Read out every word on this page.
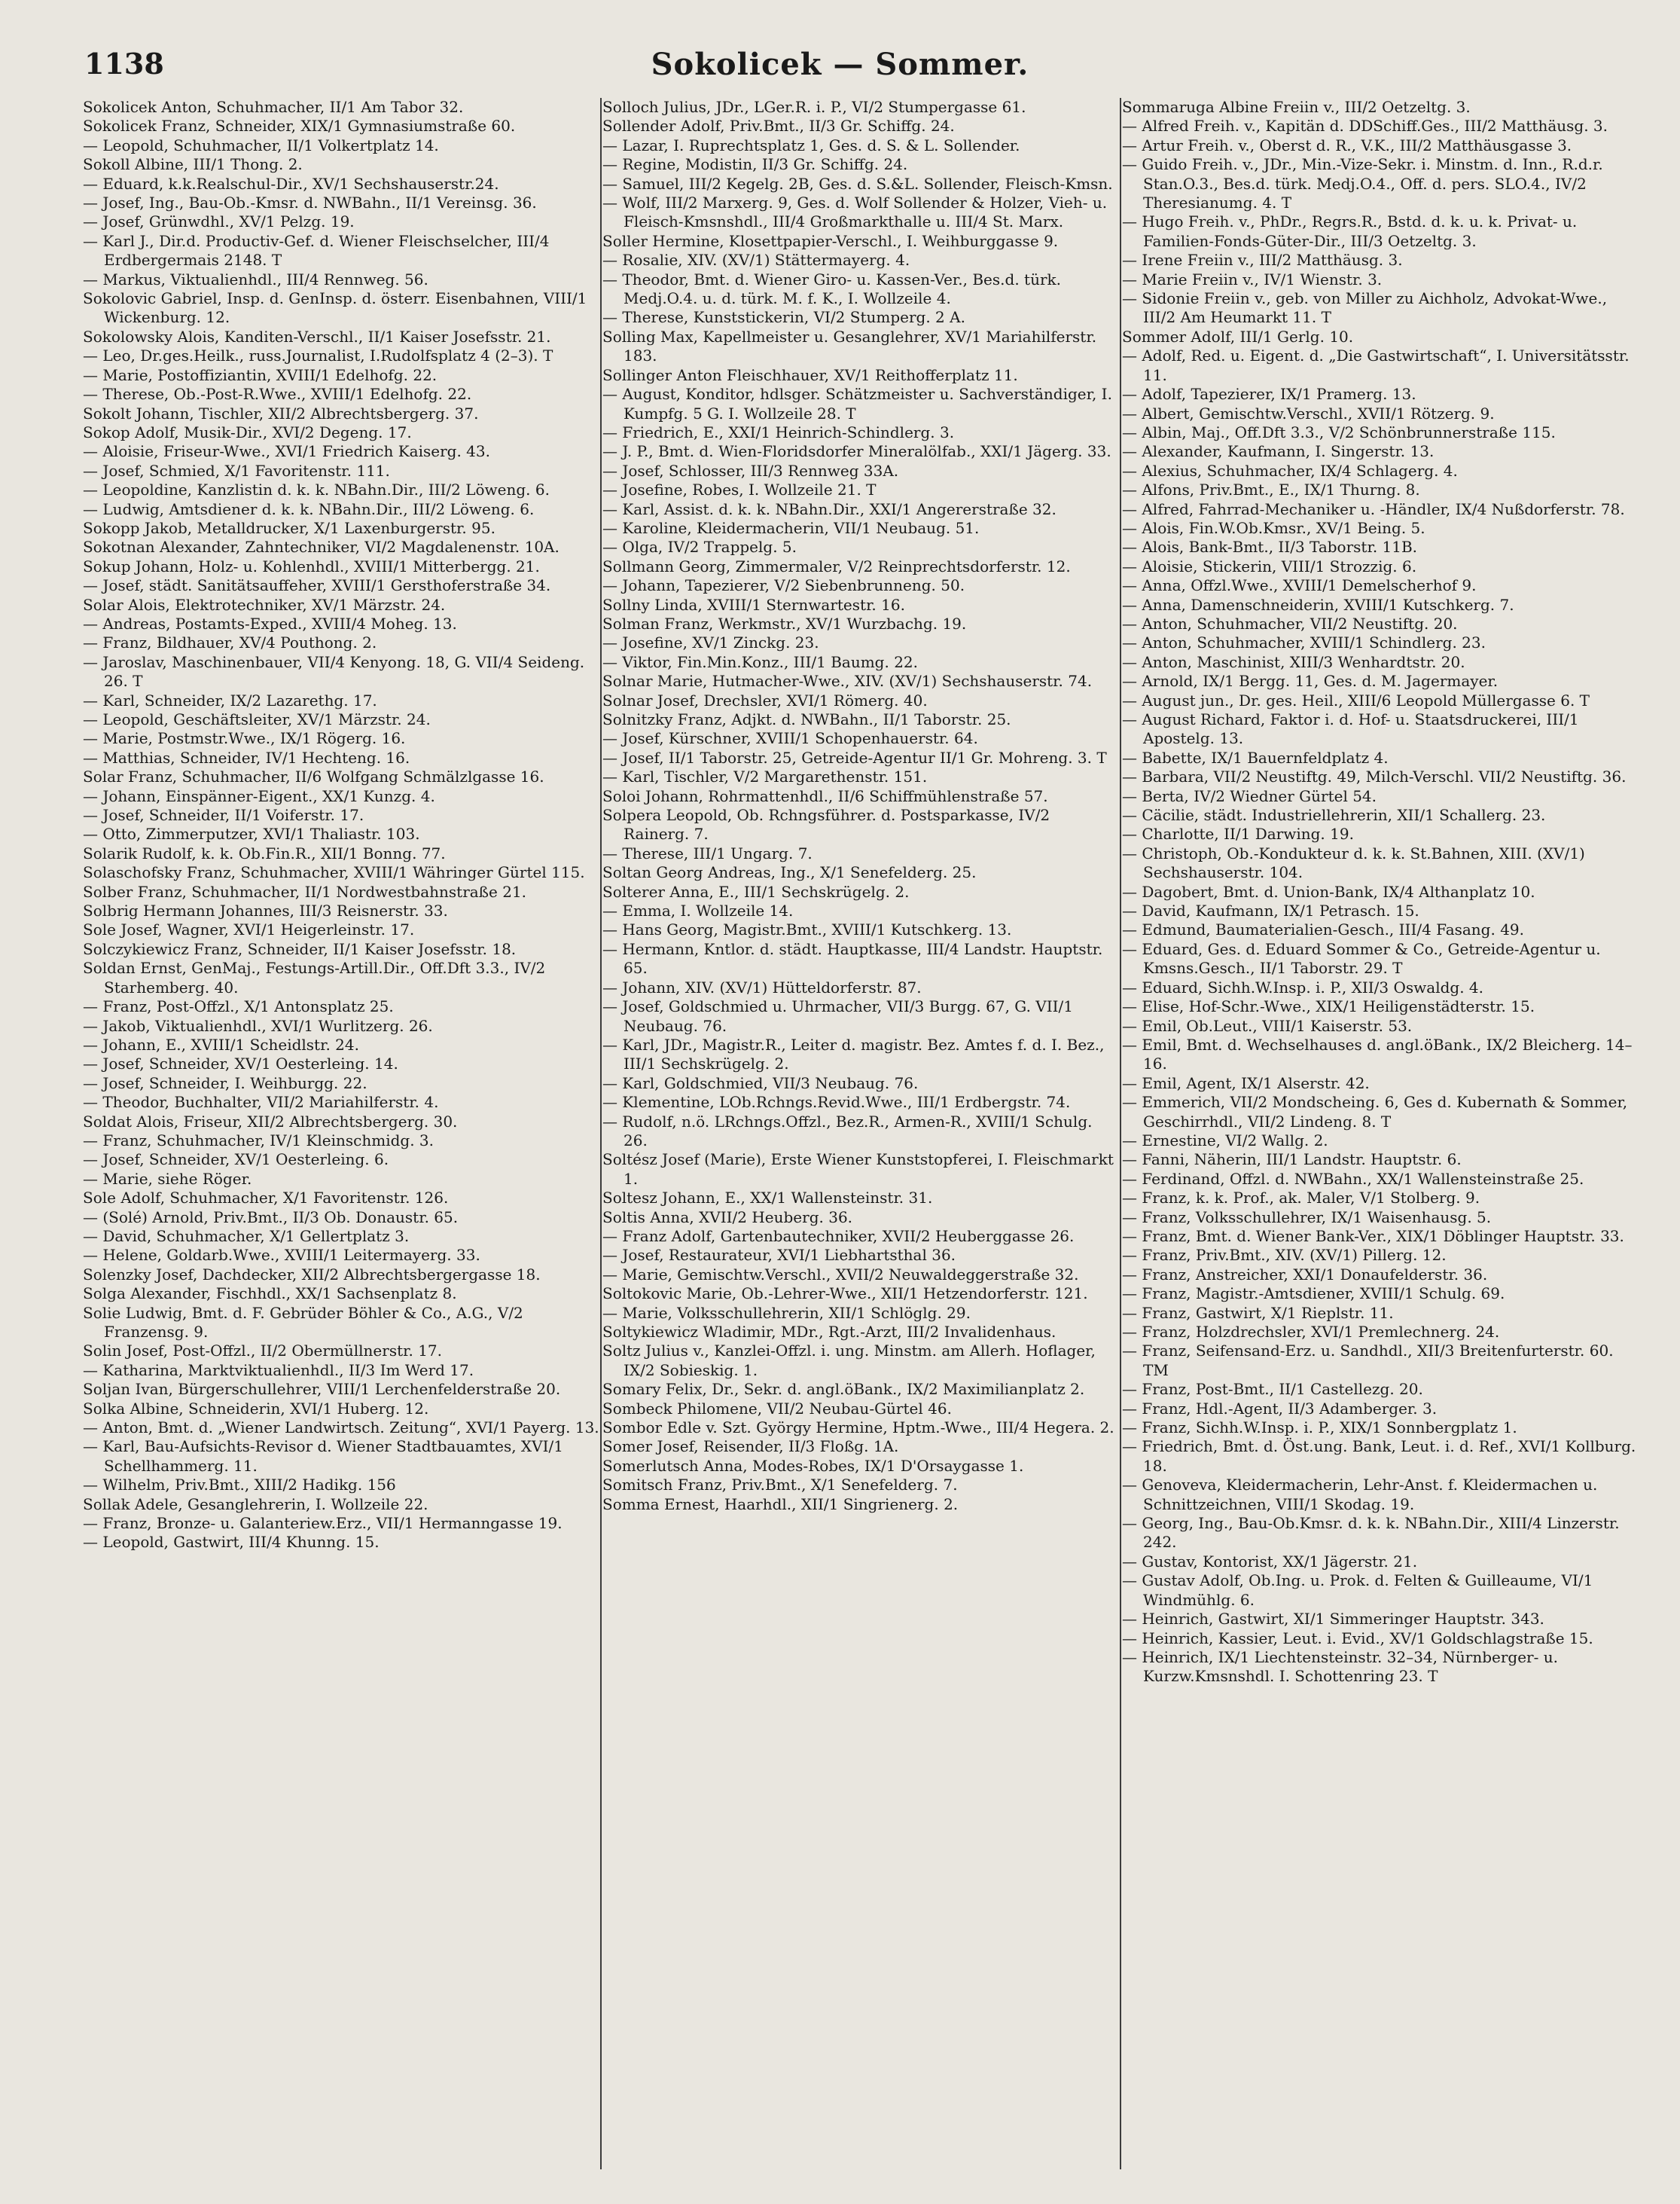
1138	Sokolicek — Sommer.
Sokolicek Anton, Schuhmacher, II/1 Am Tabor 32.
Sokolicek Franz, Schneider, XIX/1 Gymnasiumstraße 60.
— Leopold, Schuhmacher, II/1 Volkertplatz 14.
Sokoll Albine, III/1 Thong. 2.
— Eduard, k.k.Realschul-Dir., XV/1 Sechshauserstr.24.
— Josef, Ing., Bau-Ob.-Kmsr. d. NWBahn., II/1 Vereinsg. 36.
— Josef, Grünwdhl., XV/1 Pelzg. 19.
— Karl J., Dir.d. Productiv-Gef. d. Wiener Fleischselcher, III/4 Erdbergermais 2148. T
— Markus, Viktualienhdl., III/4 Rennweg. 56.
Sokolovic Gabriel, Insp. d. GenInsp. d. österr. Eisenbahnen, VIII/1 Wickenburg. 12.
Sokolowsky Alois, Kanditen-Verschl., II/1 Kaiser Josefsstr. 21.
— Leo, Dr.ges.Heilk., russ.Journalist, I.Rudolfsplatz 4 (2–3). T
— Marie, Postoffiziantin, XVIII/1 Edelhofg. 22.
— Therese, Ob.-Post-R.Wwe., XVIII/1 Edelhofg. 22.
Sokolt Johann, Tischler, XII/2 Albrechtsbergerg. 37.
Sokop Adolf, Musik-Dir., XVI/2 Degeng. 17.
— Aloisie, Friseur-Wwe., XVI/1 Friedrich Kaiserg. 43.
— Josef, Schmied, X/1 Favoritenstr. 111.
— Leopoldine, Kanzlistin d. k. k. NBahn.Dir., III/2 Löweng. 6.
— Ludwig, Amtsdiener d. k. k. NBahn.Dir., III/2 Löweng. 6.
Sokopp Jakob, Metalldrucker, X/1 Laxenburgerstr. 95.
Sokotnan Alexander, Zahntechniker, VI/2 Magdalenenstr. 10A.
Sokup Johann, Holz- u. Kohlenhdl., XVIII/1 Mitterbergg. 21.
— Josef, städt. Sanitätsauffeher, XVIII/1 Gersthoferstraße 34.
Solar Alois, Elektrotechniker, XV/1 Märzstr. 24.
— Andreas, Postamts-Exped., XVIII/4 Moheg. 13.
— Franz, Bildhauer, XV/4 Pouthong. 2.
— Jaroslav, Maschinenbauer, VII/4 Kenyong. 18, G. VII/4 Seideng. 26. T
— Karl, Schneider, IX/2 Lazarethg. 17.
— Leopold, Geschäftsleiter, XV/1 Märzstr. 24.
— Marie, Postmstr.Wwe., IX/1 Rögerg. 16.
— Matthias, Schneider, IV/1 Hechteng. 16.
Solar Franz, Schuhmacher, II/6 Wolfgang Schmälzlgasse 16.
— Johann, Einspänner-Eigent., XX/1 Kunzg. 4.
— Josef, Schneider, II/1 Voiferstr. 17.
— Otto, Zimmerputzer, XVI/1 Thaliastr. 103.
Solarik Rudolf, k. k. Ob.Fin.R., XII/1 Bonng. 77.
Solaschofsky Franz, Schuhmacher, XVIII/1 Währinger Gürtel 115.
Solber Franz, Schuhmacher, II/1 Nordwestbahnstraße 21.
Solbrig Hermann Johannes, III/3 Reisnerstr. 33.
Sole Josef, Wagner, XVI/1 Heigerleinstr. 17.
Solczykiewicz Franz, Schneider, II/1 Kaiser Josefsstr. 18.
Soldan Ernst, GenMaj., Festungs-Artill.Dir., Off.Dft 3.3., IV/2 Starhemberg. 40.
— Franz, Post-Offzl., X/1 Antonsplatz 25.
— Jakob, Viktualienhdl., XVI/1 Wurlitzerg. 26.
— Johann, E., XVIII/1 Scheidlstr. 24.
— Josef, Schneider, XV/1 Oesterleing. 14.
— Josef, Schneider, I. Weihburgg. 22.
— Theodor, Buchhalter, VII/2 Mariahilferstr. 4.
Soldat Alois, Friseur, XII/2 Albrechtsbergerg. 30.
— Franz, Schuhmacher, IV/1 Kleinschmidg. 3.
— Josef, Schneider, XV/1 Oesterleing. 6.
— Marie, siehe Röger.
Sole Adolf, Schuhmacher, X/1 Favoritenstr. 126.
— (Solé) Arnold, Priv.Bmt., II/3 Ob. Donaustr. 65.
— David, Schuhmacher, X/1 Gellertplatz 3.
— Helene, Goldarb.Wwe., XVIII/1 Leitermayerg. 33.
Solenzky Josef, Dachdecker, XII/2 Albrechtsbergergasse 18.
Solga Alexander, Fischhdl., XX/1 Sachsenplatz 8.
Solie Ludwig, Bmt. d. F. Gebrüder Böhler & Co., A.G., V/2 Franzensg. 9.
Solin Josef, Post-Offzl., II/2 Obermüllnerstr. 17.
— Katharina, Marktviktualienhdl., II/3 Im Werd 17.
Soljan Ivan, Bürgerschullehrer, VIII/1 Lerchenfelderstraße 20.
Solka Albine, Schneiderin, XVI/1 Huberg. 12.
— Anton, Bmt. d. „Wiener Landwirtsch. Zeitung“, XVI/1 Payerg. 13.
— Karl, Bau-Aufsichts-Revisor d. Wiener Stadtbauamtes, XVI/1 Schellhammerg. 11.
— Wilhelm, Priv.Bmt., XIII/2 Hadikg. 156
Sollak Adele, Gesanglehrerin, I. Wollzeile 22.
— Franz, Bronze- u. Galanteriew.Erz., VII/1 Hermanngasse 19.
— Leopold, Gastwirt, III/4 Khunng. 15.
Solloch Julius, JDr., LGer.R. i. P., VI/2 Stumpergasse 61.
Sollender Adolf, Priv.Bmt., II/3 Gr. Schiffg. 24.
— Lazar, I. Ruprechtsplatz 1, Ges. d. S. & L. Sollender.
— Regine, Modistin, II/3 Gr. Schiffg. 24.
— Samuel, III/2 Kegelg. 2B, Ges. d. S.&L. Sollender, Fleisch-Kmsn.
— Wolf, III/2 Marxerg. 9, Ges. d. Wolf Sollender & Holzer, Vieh- u. Fleisch-Kmsnshdl., III/4 Großmarkthalle u. III/4 St. Marx.
Soller Hermine, Klosettpapier-Verschl., I. Weihburggasse 9.
— Rosalie, XIV. (XV/1) Stättermayerg. 4.
— Theodor, Bmt. d. Wiener Giro- u. Kassen-Ver., Bes.d. türk. Medj.O.4. u. d. türk. M. f. K., I. Wollzeile 4.
— Therese, Kunststickerin, VI/2 Stumperg. 2 A.
Solling Max, Kapellmeister u. Gesanglehrer, XV/1 Mariahilferstr. 183.
Sollinger Anton Fleischhauer, XV/1 Reithofferplatz 11.
— August, Konditor, hdlsger. Schätzmeister u. Sachverständiger, I. Kumpfg. 5 G. I. Wollzeile 28. T
— Friedrich, E., XXI/1 Heinrich-Schindlerg. 3.
— J. P., Bmt. d. Wien-Floridsdorfer Mineralölfab., XXI/1 Jägerg. 33.
— Josef, Schlosser, III/3 Rennweg 33A.
— Josefine, Robes, I. Wollzeile 21. T
— Karl, Assist. d. k. k. NBahn.Dir., XXI/1 Angererstraße 32.
— Karoline, Kleidermacherin, VII/1 Neubaug. 51.
— Olga, IV/2 Trappelg. 5.
Sollmann Georg, Zimmermaler, V/2 Reinprechtsdorferstr. 12.
— Johann, Tapezierer, V/2 Siebenbrunneng. 50.
Sollny Linda, XVIII/1 Sternwartestr. 16.
Solman Franz, Werkmstr., XV/1 Wurzbachg. 19.
— Josefine, XV/1 Zinckg. 23.
— Viktor, Fin.Min.Konz., III/1 Baumg. 22.
Solnar Marie, Hutmacher-Wwe., XIV. (XV/1) Sechshauserstr. 74.
Solnar Josef, Drechsler, XVI/1 Römerg. 40.
Solnitzky Franz, Adjkt. d. NWBahn., II/1 Taborstr. 25.
— Josef, Kürschner, XVIII/1 Schopenhauerstr. 64.
— Josef, II/1 Taborstr. 25, Getreide-Agentur II/1 Gr. Mohreng. 3. T
— Karl, Tischler, V/2 Margarethenstr. 151.
Soloi Johann, Rohrmattenhdl., II/6 Schiffmühlenstraße 57.
Solpera Leopold, Ob. Rchngsführer. d. Postsparkasse, IV/2 Rainerg. 7.
— Therese, III/1 Ungarg. 7.
Soltan Georg Andreas, Ing., X/1 Senefelderg. 25.
Solterer Anna, E., III/1 Sechskrügelg. 2.
— Emma, I. Wollzeile 14.
— Hans Georg, Magistr.Bmt., XVIII/1 Kutschkerg. 13.
— Hermann, Kntlor. d. städt. Hauptkasse, III/4 Landstr. Hauptstr. 65.
— Johann, XIV. (XV/1) Hütteldorferstr. 87.
— Josef, Goldschmied u. Uhrmacher, VII/3 Burgg. 67, G. VII/1 Neubaug. 76.
— Karl, JDr., Magistr.R., Leiter d. magistr. Bez. Amtes f. d. I. Bez., III/1 Sechskrügelg. 2.
— Karl, Goldschmied, VII/3 Neubaug. 76.
— Klementine, LOb.Rchngs.Revid.Wwe., III/1 Erdbergstr. 74.
— Rudolf, n.ö. LRchngs.Offzl., Bez.R., Armen-R., XVIII/1 Schulg. 26.
Soltész Josef (Marie), Erste Wiener Kunststopferei, I. Fleischmarkt 1.
Soltesz Johann, E., XX/1 Wallensteinstr. 31.
Soltis Anna, XVII/2 Heuberg. 36.
— Franz Adolf, Gartenbautechniker, XVII/2 Heuberggasse 26.
— Josef, Restaurateur, XVI/1 Liebhartsthal 36.
— Marie, Gemischtw.Verschl., XVII/2 Neuwaldeggerstraße 32.
Soltokovic Marie, Ob.-Lehrer-Wwe., XII/1 Hetzendorferstr. 121.
— Marie, Volksschullehrerin, XII/1 Schlöglg. 29.
Soltykiewicz Wladimir, MDr., Rgt.-Arzt, III/2 Invalidenhaus.
Soltz Julius v., Kanzlei-Offzl. i. ung. Minstm. am Allerh. Hoflager, IX/2 Sobieskig. 1.
Somary Felix, Dr., Sekr. d. angl.öBank., IX/2 Maximilianplatz 2.
Sombeck Philomene, VII/2 Neubau-Gürtel 46.
Sombor Edle v. Szt. György Hermine, Hptm.-Wwe., III/4 Hegera. 2.
Somer Josef, Reisender, II/3 Floßg. 1A.
Somerlutsch Anna, Modes-Robes, IX/1 D'Orsaygasse 1.
Somitsch Franz, Priv.Bmt., X/1 Senefelderg. 7.
Somma Ernest, Haarhdl., XII/1 Singrienerg. 2.
Sommaruga Albine Freiin v., III/2 Oetzeltg. 3.
— Alfred Freih. v., Kapitän d. DDSchiff.Ges., III/2 Matthäusg. 3.
— Artur Freih. v., Oberst d. R., V.K., III/2 Matthäusgasse 3.
— Guido Freih. v., JDr., Min.-Vize-Sekr. i. Minstm. d. Inn., R.d.r. Stan.O.3., Bes.d. türk. Medj.O.4., Off. d. pers. SLO.4., IV/2 Theresianumg. 4. T
— Hugo Freih. v., PhDr., Regrs.R., Bstd. d. k. u. k. Privat- u. Familien-Fonds-Güter-Dir., III/3 Oetzeltg. 3.
— Irene Freiin v., III/2 Matthäusg. 3.
— Marie Freiin v., IV/1 Wienstr. 3.
— Sidonie Freiin v., geb. von Miller zu Aichholz, Advokat-Wwe., III/2 Am Heumarkt 11. T
Sommer Adolf, III/1 Gerlg. 10.
— Adolf, Red. u. Eigent. d. „Die Gastwirtschaft“, I. Universitätsstr. 11.
— Adolf, Tapezierer, IX/1 Pramerg. 13.
— Albert, Gemischtw.Verschl., XVII/1 Rötzerg. 9.
— Albin, Maj., Off.Dft 3.3., V/2 Schönbrunnerstraße 115.
— Alexander, Kaufmann, I. Singerstr. 13.
— Alexius, Schuhmacher, IX/4 Schlagerg. 4.
— Alfons, Priv.Bmt., E., IX/1 Thurng. 8.
— Alfred, Fahrrad-Mechaniker u. -Händler, IX/4 Nußdorferstr. 78.
— Alois, Fin.W.Ob.Kmsr., XV/1 Being. 5.
— Alois, Bank-Bmt., II/3 Taborstr. 11B.
— Aloisie, Stickerin, VIII/1 Strozzig. 6.
— Anna, Offzl.Wwe., XVIII/1 Demelscherhof 9.
— Anna, Damenschneiderin, XVIII/1 Kutschkerg. 7.
— Anton, Schuhmacher, VII/2 Neustiftg. 20.
— Anton, Schuhmacher, XVIII/1 Schindlerg. 23.
— Anton, Maschinist, XIII/3 Wenhardtstr. 20.
— Arnold, IX/1 Bergg. 11, Ges. d. M. Jagermayer.
— August jun., Dr. ges. Heil., XIII/6 Leopold Müllergasse 6. T
— August Richard, Faktor i. d. Hof- u. Staatsdruckerei, III/1 Apostelg. 13.
— Babette, IX/1 Bauernfeldplatz 4.
— Barbara, VII/2 Neustiftg. 49, Milch-Verschl. VII/2 Neustiftg. 36.
— Berta, IV/2 Wiedner Gürtel 54.
— Cäcilie, städt. Industriellehrerin, XII/1 Schallerg. 23.
— Charlotte, II/1 Darwing. 19.
— Christoph, Ob.-Kondukteur d. k. k. St.Bahnen, XIII. (XV/1) Sechshauserstr. 104.
— Dagobert, Bmt. d. Union-Bank, IX/4 Althanplatz 10.
— David, Kaufmann, IX/1 Petrasch. 15.
— Edmund, Baumaterialien-Gesch., III/4 Fasang. 49.
— Eduard, Ges. d. Eduard Sommer & Co., Getreide-Agentur u. Kmsns.Gesch., II/1 Taborstr. 29. T
— Eduard, Sichh.W.Insp. i. P., XII/3 Oswaldg. 4.
— Elise, Hof-Schr.-Wwe., XIX/1 Heiligenstädterstr. 15.
— Emil, Ob.Leut., VIII/1 Kaiserstr. 53.
— Emil, Bmt. d. Wechselhauses d. angl.öBank., IX/2 Bleicherg. 14–16.
— Emil, Agent, IX/1 Alserstr. 42.
— Emmerich, VII/2 Mondscheing. 6, Ges d. Kubernath & Sommer, Geschirrhdl., VII/2 Lindeng. 8. T
— Ernestine, VI/2 Wallg. 2.
— Fanni, Näherin, III/1 Landstr. Hauptstr. 6.
— Ferdinand, Offzl. d. NWBahn., XX/1 Wallensteinstraße 25.
— Franz, k. k. Prof., ak. Maler, V/1 Stolberg. 9.
— Franz, Volksschullehrer, IX/1 Waisenhausg. 5.
— Franz, Bmt. d. Wiener Bank-Ver., XIX/1 Döblinger Hauptstr. 33.
— Franz, Priv.Bmt., XIV. (XV/1) Pillerg. 12.
— Franz, Anstreicher, XXI/1 Donaufelderstr. 36.
— Franz, Magistr.-Amtsdiener, XVIII/1 Schulg. 69.
— Franz, Gastwirt, X/1 Rieplstr. 11.
— Franz, Holzdrechsler, XVI/1 Premlechnerg. 24.
— Franz, Seifensand-Erz. u. Sandhdl., XII/3 Breitenfurterstr. 60. TM
— Franz, Post-Bmt., II/1 Castellezg. 20.
— Franz, Hdl.-Agent, II/3 Adamberger. 3.
— Franz, Sichh.W.Insp. i. P., XIX/1 Sonnbergplatz 1.
— Friedrich, Bmt. d. Öst.ung. Bank, Leut. i. d. Ref., XVI/1 Kollburg. 18.
— Genoveva, Kleidermacherin, Lehr-Anst. f. Kleidermachen u. Schnittzeichnen, VIII/1 Skodag. 19.
— Georg, Ing., Bau-Ob.Kmsr. d. k. k. NBahn.Dir., XIII/4 Linzerstr. 242.
— Gustav, Kontorist, XX/1 Jägerstr. 21.
— Gustav Adolf, Ob.Ing. u. Prok. d. Felten & Guilleaume, VI/1 Windmühlg. 6.
— Heinrich, Gastwirt, XI/1 Simmeringer Hauptstr. 343.
— Heinrich, Kassier, Leut. i. Evid., XV/1 Goldschlagstraße 15.
— Heinrich, IX/1 Liechtensteinstr. 32–34, Nürnberger- u. Kurzw.Kmsnshdl. I. Schottenring 23. T
